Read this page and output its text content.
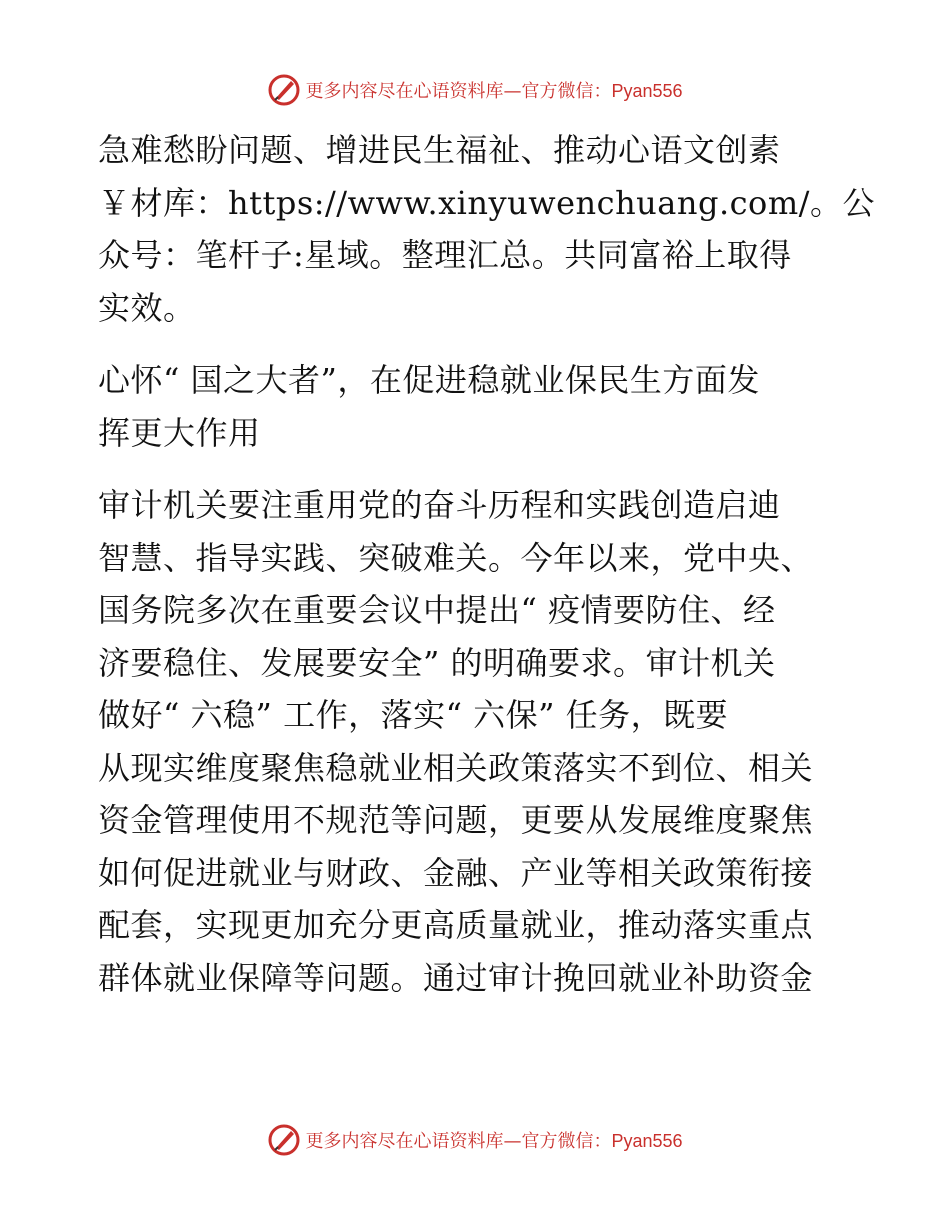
更多内容尽在心语资料库—官方微信：Pyan556

急难愁盼问题、增进民生福祉、推动心语文创素
￥材库：https://www.xinyuwenchuang.com/。公
众号：笔杆子:星域。整理汇总。共同富裕上取得
实效。

心怀“ 国之大者”，在促进稳就业保民生方面发
挥更大作用

审计机关要注重用党的奋斗历程和实践创造启迪
智慧、指导实践、突破难关。今年以来，党中央、
国务院多次在重要会议中提出“ 疫情要防住、经
济要稳住、发展要安全” 的明确要求。审计机关
做好“ 六稳” 工作，落实“ 六保” 任务，既要
从现实维度聚焦稳就业相关政策落实不到位、相关
资金管理使用不规范等问题，更要从发展维度聚焦
如何促进就业与财政、金融、产业等相关政策衔接
配套，实现更加充分更高质量就业，推动落实重点
群体就业保障等问题。通过审计挽回就业补助资金

更多内容尽在心语资料库—官方微信：Pyan556
